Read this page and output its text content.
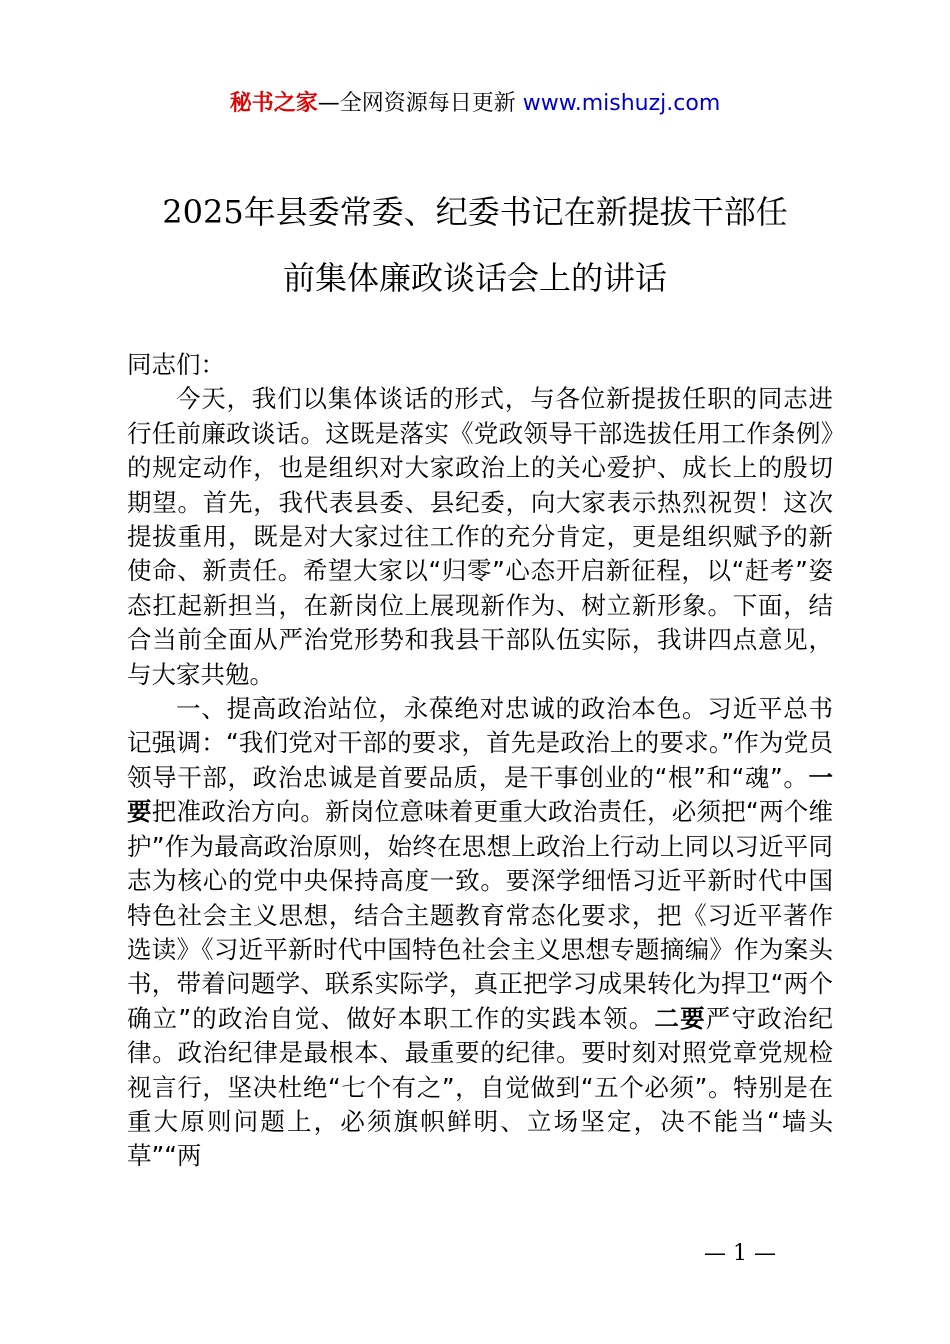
秘书之家—全网资源每日更新 www.mishuzj.com
2025年县委常委、纪委书记在新提拔干部任
前集体廉政谈话会上的讲话

同志们：

今天，我们以集体谈话的形式，与各位新提拔任职的同志进行任前廉政谈话。这既是落实《党政领导干部选拔任用工作条例》的规定动作，也是组织对大家政治上的关心爱护、成长上的殷切期望。首先，我代表县委、县纪委，向大家表示热烈祝贺！这次提拔重用，既是对大家过往工作的充分肯定，更是组织赋予的新使命、新责任。希望大家以“归零”心态开启新征程，以“赶考”姿态扛起新担当，在新岗位上展现新作为、树立新形象。下面，结合当前全面从严治党形势和我县干部队伍实际，我讲四点意见，与大家共勉。

一、提高政治站位，永葆绝对忠诚的政治本色。习近平总书记强调：“我们党对干部的要求，首先是政治上的要求。”作为党员领导干部，政治忠诚是首要品质，是干事创业的“根”和“魂”。一要把准政治方向。新岗位意味着更重大政治责任，必须把“两个维护”作为最高政治原则，始终在思想上政治上行动上同以习近平同志为核心的党中央保持高度一致。要深学细悟习近平新时代中国特色社会主义思想，结合主题教育常态化要求，把《习近平著作选读》《习近平新时代中国特色社会主义思想专题摘编》作为案头书，带着问题学、联系实际学，真正把学习成果转化为捍卫“两个确立”的政治自觉、做好本职工作的实践本领。二要严守政治纪律。政治纪律是最根本、最重要的纪律。要时刻对照党章党规检视言行，坚决杜绝“七个有之”，自觉做到“五个必须”。特别是在重大原则问题上，必须旗帜鲜明、立场坚定，决不能当“墙头草”“两

— 1 —
